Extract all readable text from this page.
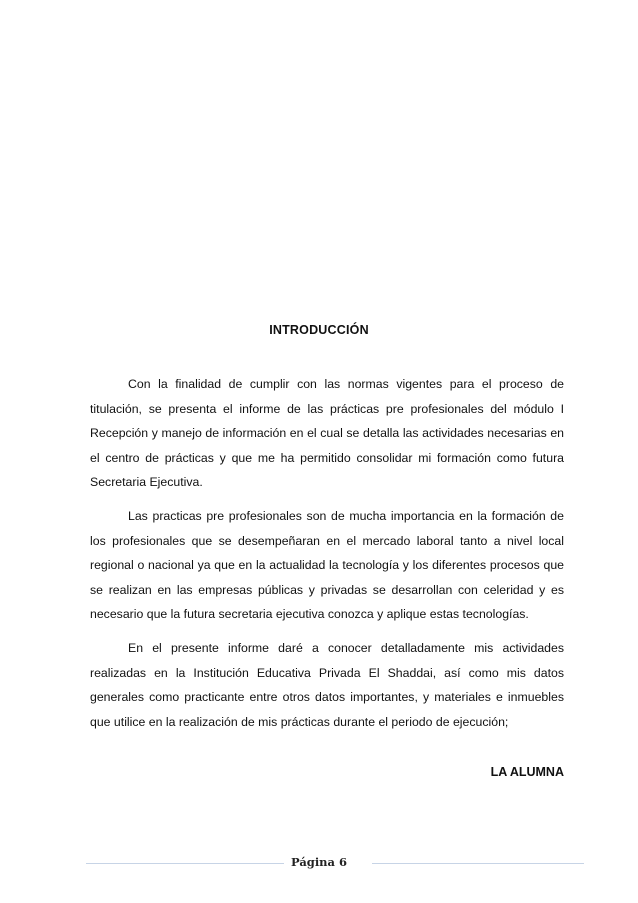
INTRODUCCIÓN

Con la finalidad de cumplir con las normas vigentes para el proceso de titulación, se presenta el informe de las prácticas pre profesionales del módulo I Recepción y manejo de información en el cual se detalla las actividades necesarias en el centro de prácticas y que me ha permitido consolidar mi formación como futura Secretaria Ejecutiva.

Las practicas pre profesionales son de mucha importancia en la formación de los profesionales que se desempeñaran en el mercado laboral tanto a nivel local regional o nacional ya que en la actualidad la tecnología y los diferentes procesos que se realizan en las empresas públicas y privadas se desarrollan con celeridad y es necesario que la futura secretaria ejecutiva conozca y aplique estas tecnologías.

En el presente informe daré a conocer detalladamente mis actividades realizadas en la Institución Educativa Privada El Shaddai, así como mis datos generales como practicante entre otros datos importantes, y materiales e inmuebles que utilice en la realización de mis prácticas durante el periodo de ejecución;

LA ALUMNA
Página 6
